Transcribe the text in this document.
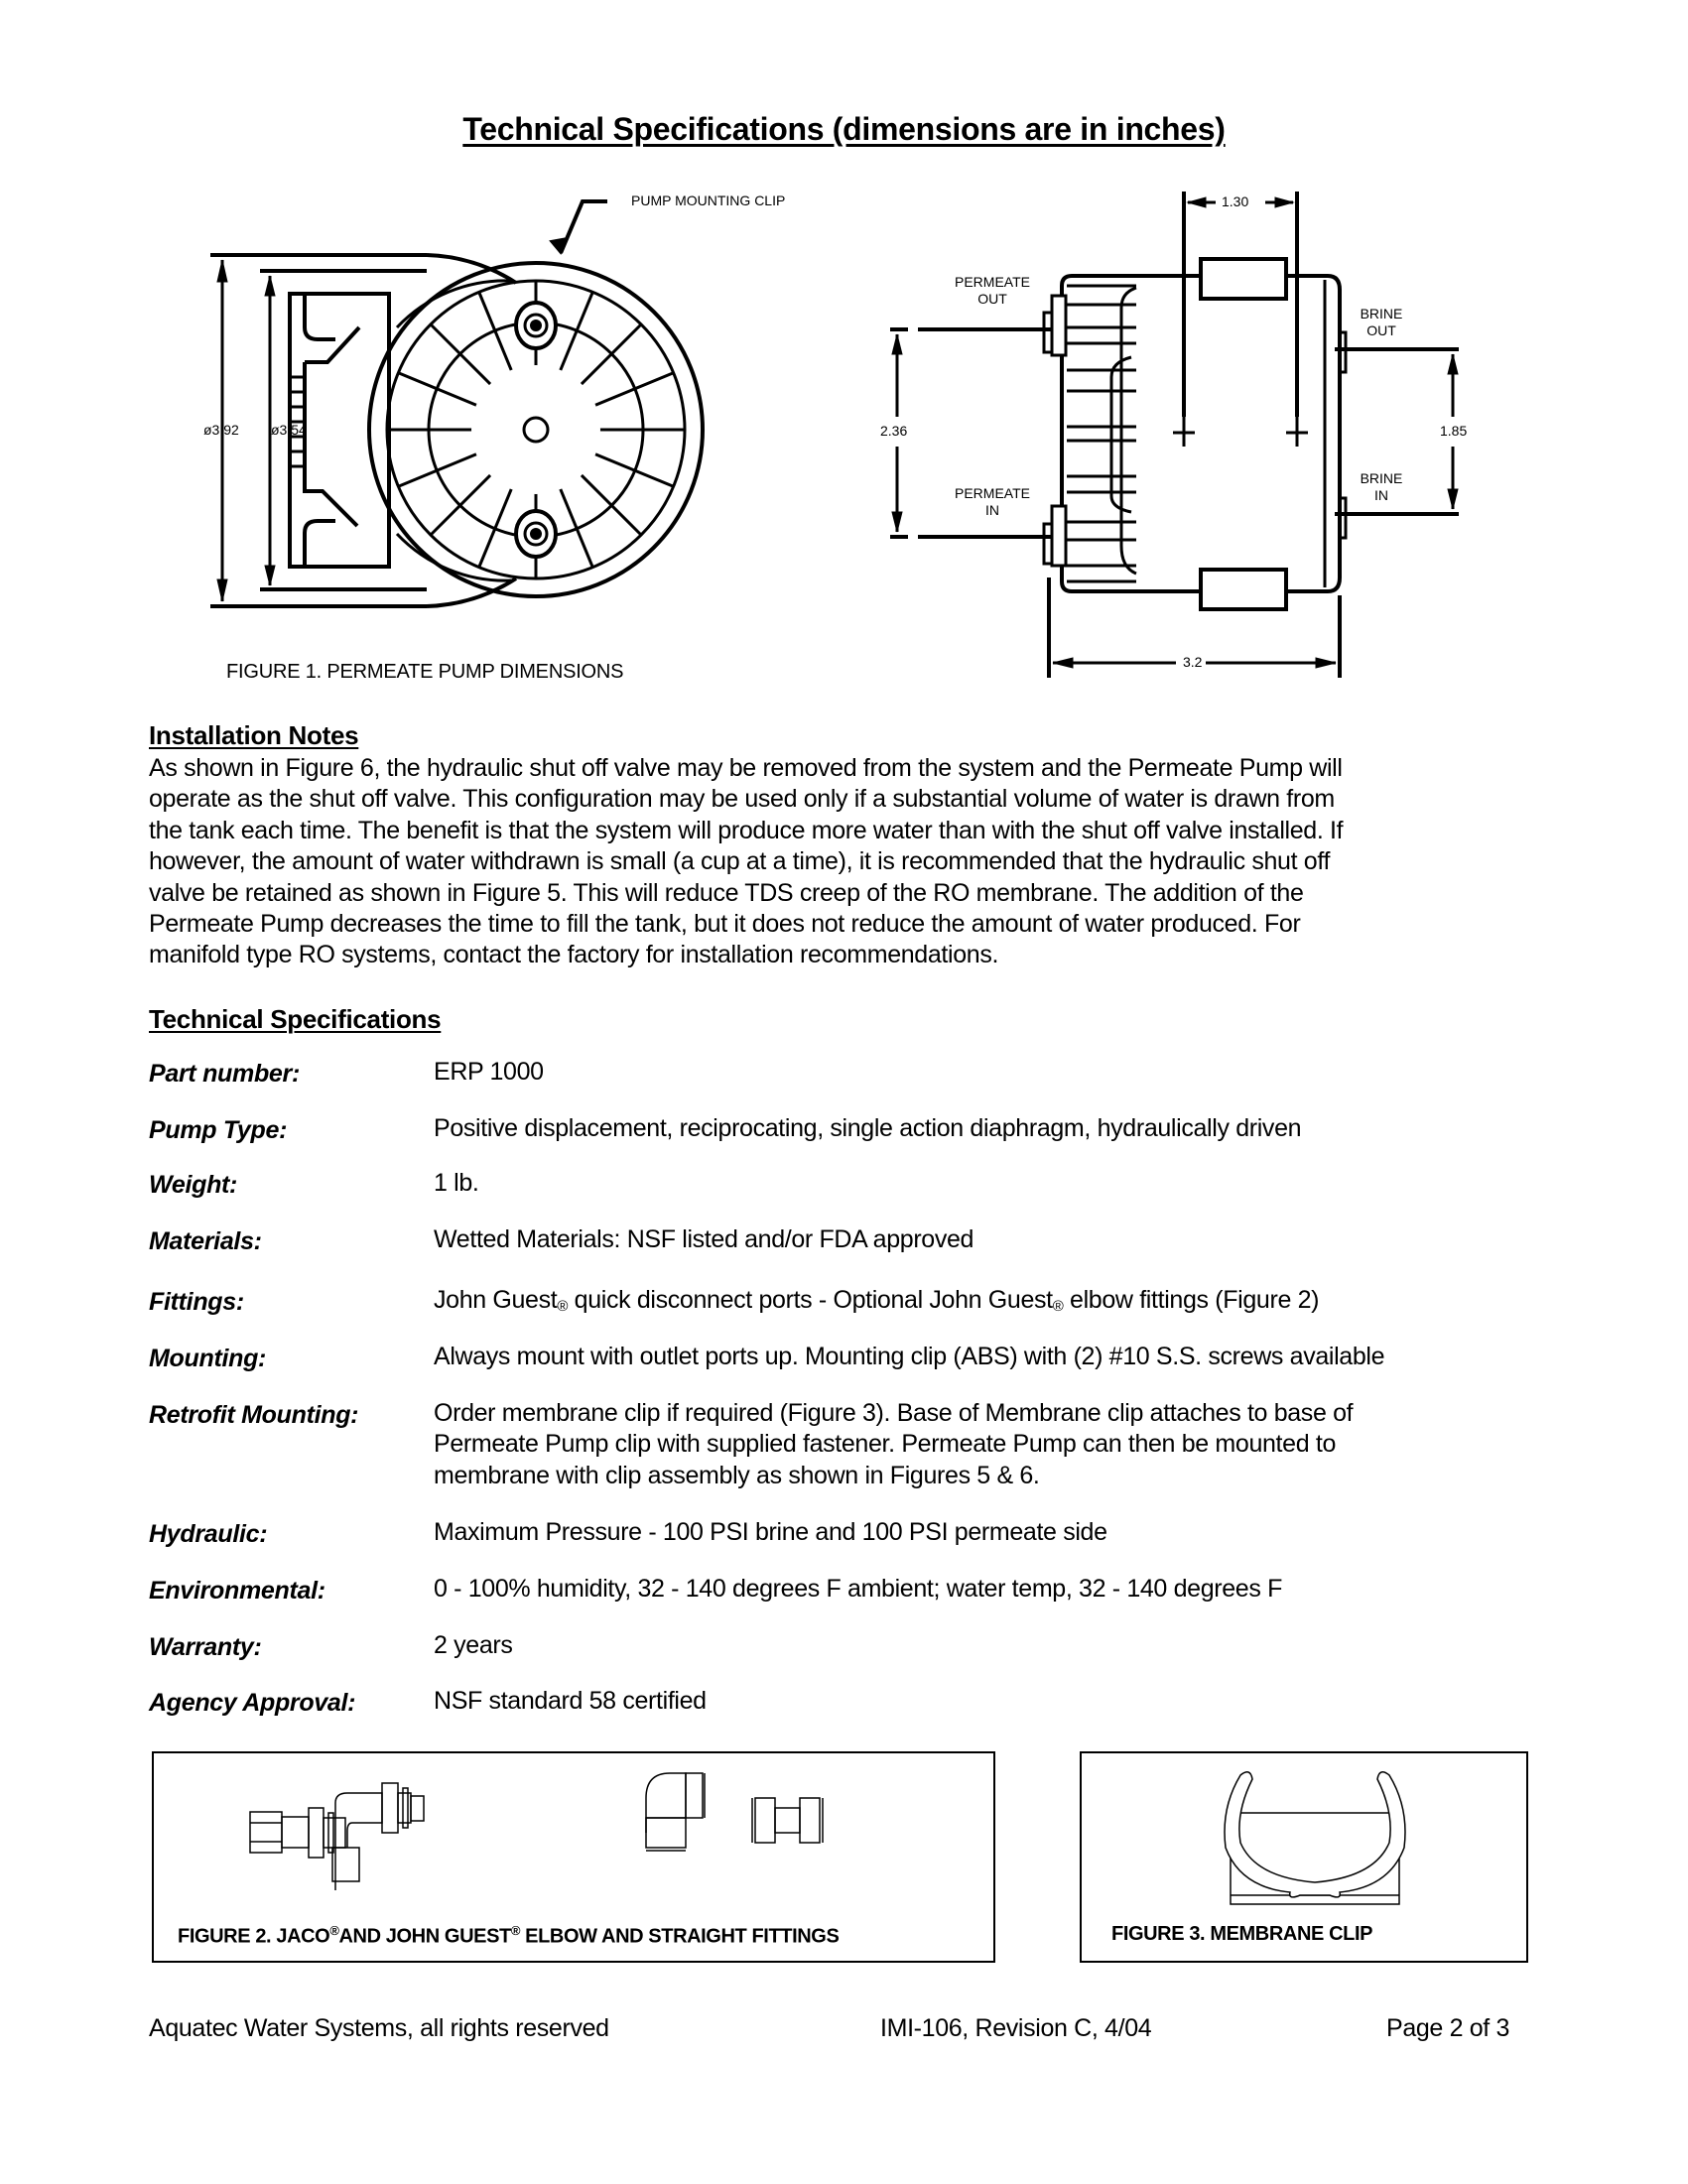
Technical Specifications (dimensions are in inches)
PUMP MOUNTING CLIP
ø3.92 ø3.54
FIGURE 1. PERMEATE PUMP DIMENSIONS
1.30
2.36	1.85
3.2
PERMEATE
OUT
PERMEATE
IN
BRINE
OUT
BRINE
IN
Installation Notes
As shown in Figure 6, the hydraulic shut off valve may be removed from the system and the Permeate Pump will
operate as the shut off valve. This configuration may be used only if a substantial volume of water is drawn from
the tank each time. The benefit is that the system will produce more water than with the shut off valve installed. If
however, the amount of water withdrawn is small (a cup at a time), it is recommended that the hydraulic shut off
valve be retained as shown in Figure 5. This will reduce TDS creep of the RO membrane. The addition of the
Permeate Pump decreases the time to fill the tank, but it does not reduce the amount of water produced. For
manifold type RO systems, contact the factory for installation recommendations.
Technical Specifications
Part number:	ERP 1000
Pump Type:	Positive displacement, reciprocating, single action diaphragm, hydraulically driven
Weight:	1 lb.
Materials:	Wetted Materials: NSF listed and/or FDA approved
Fittings:	John Guest® quick disconnect ports - Optional John Guest® elbow fittings (Figure 2)
Mounting:	Always mount with outlet ports up. Mounting clip (ABS) with (2) #10 S.S. screws available
Retrofit Mounting:	Order membrane clip if required (Figure 3). Base of Membrane clip attaches to base of
Permeate Pump clip with supplied fastener. Permeate Pump can then be mounted to
membrane with clip assembly as shown in Figures 5 & 6.
Hydraulic:	Maximum Pressure - 100 PSI brine and 100 PSI permeate side
Environmental:	0 - 100% humidity, 32 - 140 degrees F ambient; water temp, 32 - 140 degrees F
Warranty:	2 years
Agency Approval:	NSF standard 58 certified
FIGURE 2. JACO®AND JOHN GUEST® ELBOW AND STRAIGHT FITTINGS	FIGURE 3. MEMBRANE CLIP
Aquatec Water Systems, all rights reserved	IMI-106, Revision C, 4/04	Page 2 of 3
